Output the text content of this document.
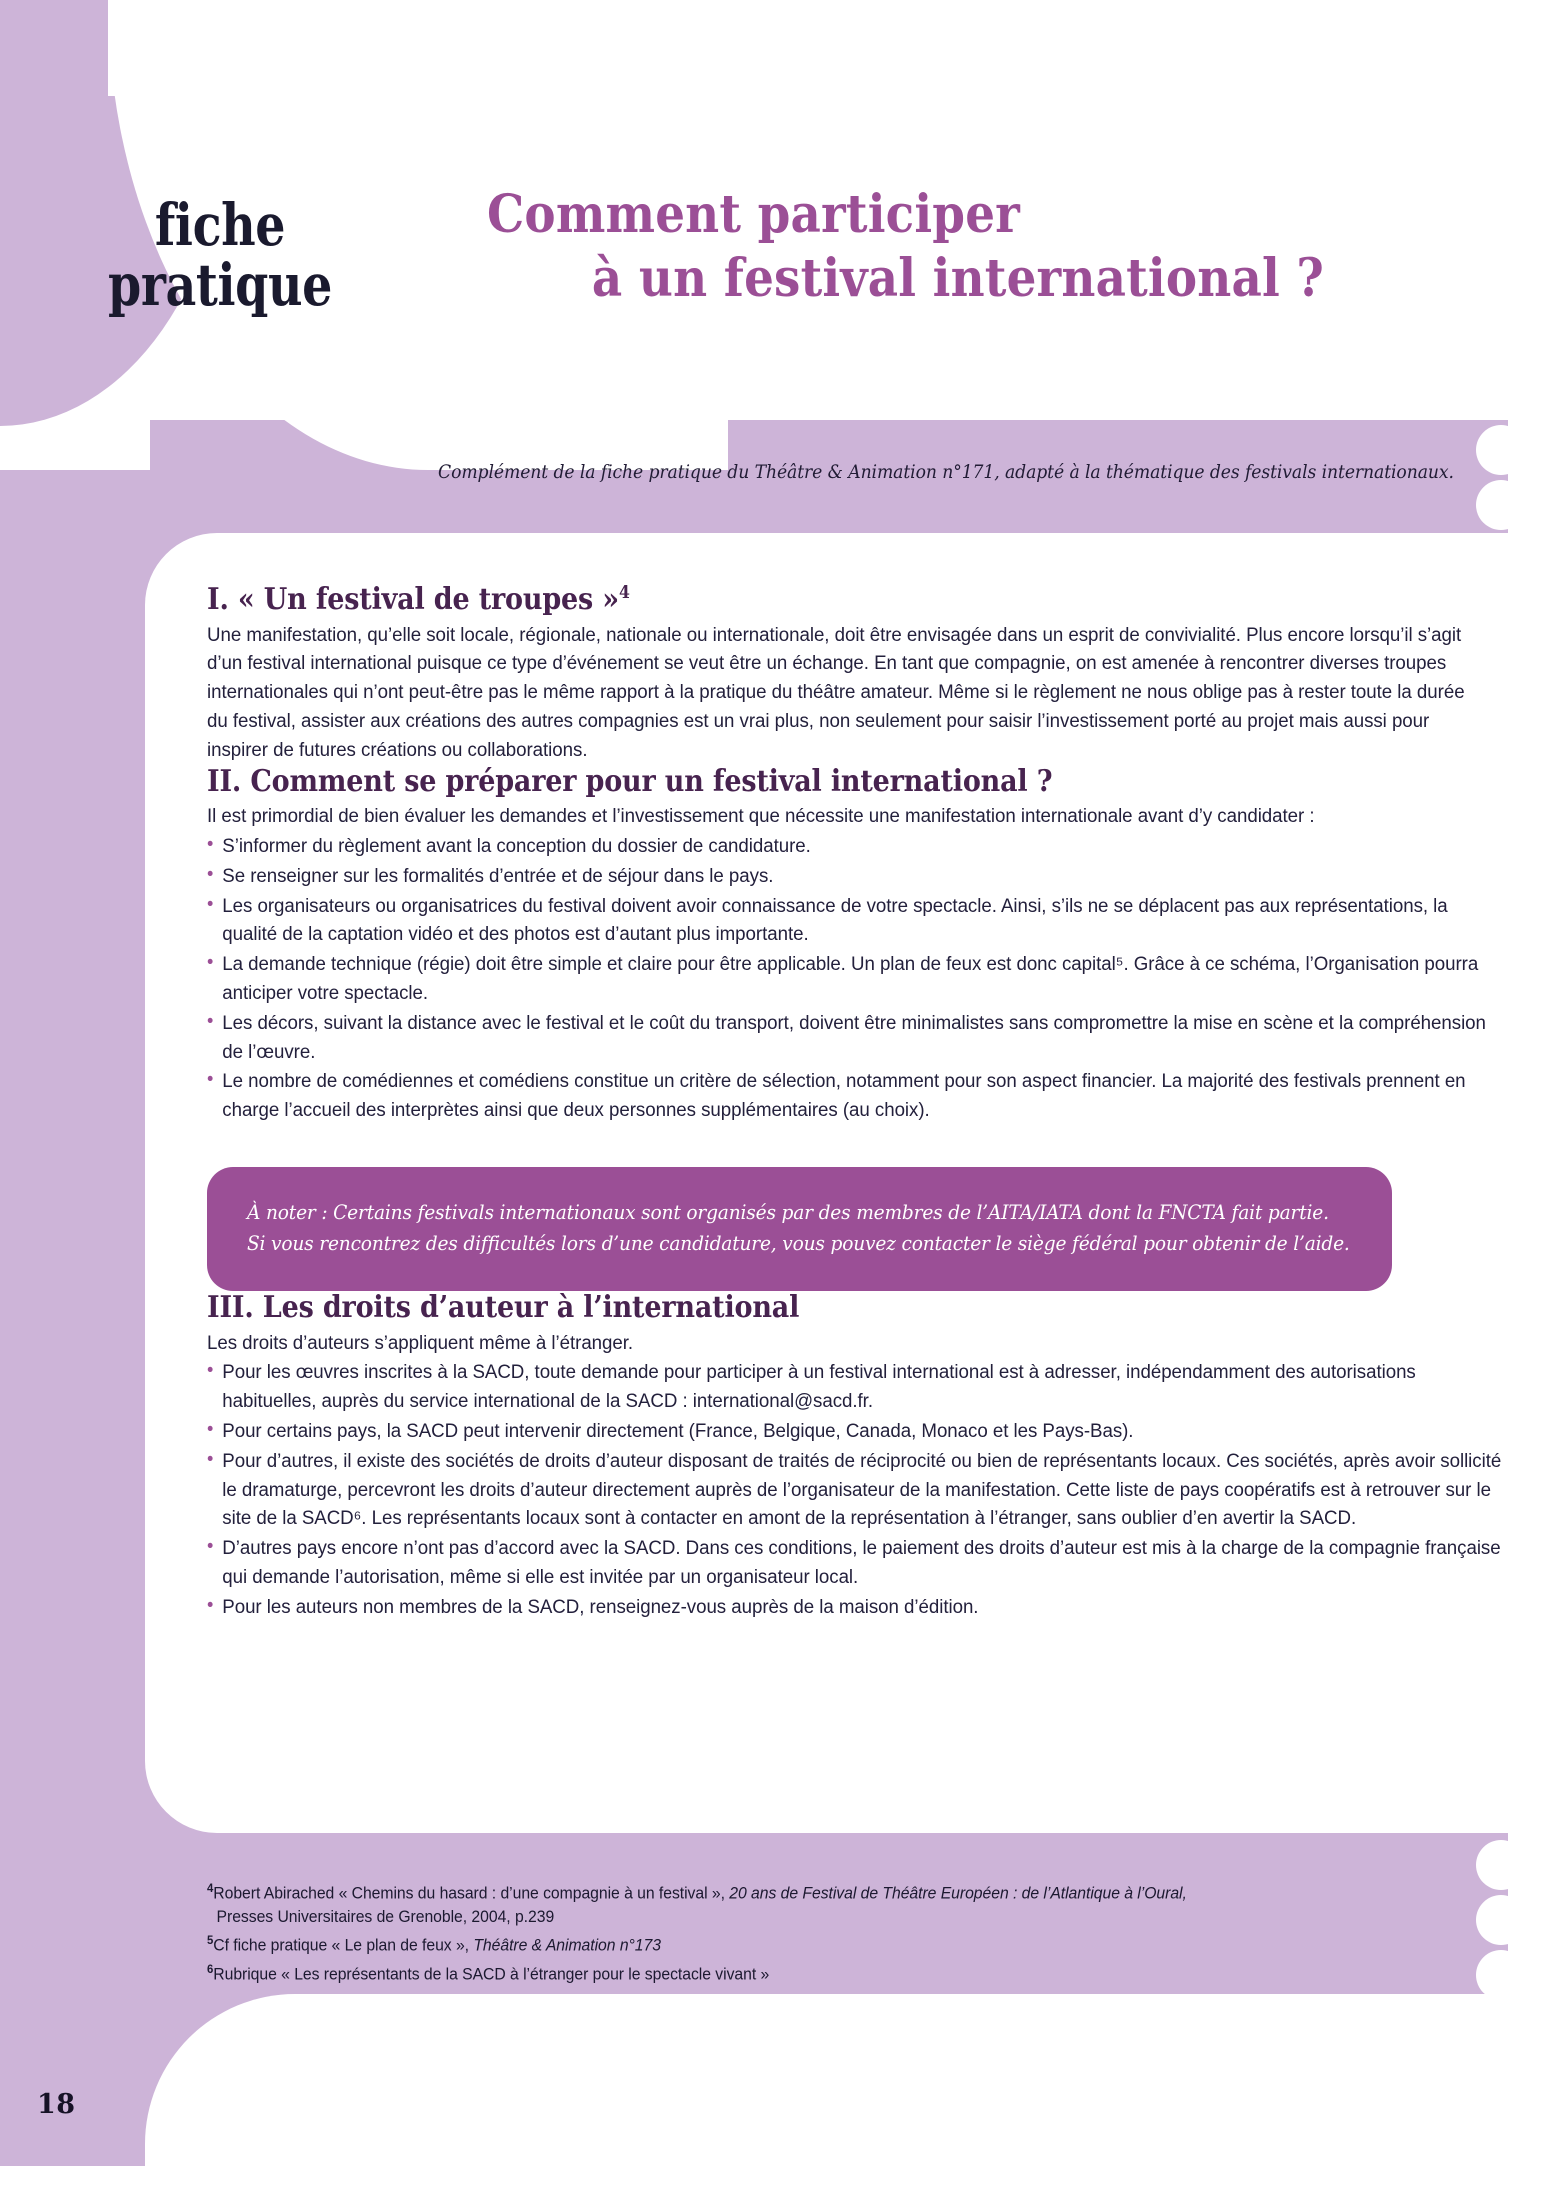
fiche
pratique
Comment participer
à un festival international ?
Complément de la fiche pratique du Théâtre & Animation n°171, adapté à la thématique des festivals internationaux.
I. « Un festival de troupes »$^4$

Une manifestation, qu’elle soit locale, régionale, nationale ou internationale, doit être envisagée dans un esprit de convivialité. Plus encore lorsqu’il s’agit d’un festival international puisque ce type d’événement se veut être un échange. En tant que compagnie, on est amenée à rencontrer diverses troupes internationales qui n’ont peut-être pas le même rapport à la pratique du théâtre amateur. Même si le règlement ne nous oblige pas à rester toute la durée du festival, assister aux créations des autres compagnies est un vrai plus, non seulement pour saisir l’investissement porté au projet mais aussi pour inspirer de futures créations ou collaborations.

II. Comment se préparer pour un festival international ?

Il est primordial de bien évaluer les demandes et l’investissement que nécessite une manifestation internationale avant d’y candidater :

• S’informer du règlement avant la conception du dossier de candidature.
• Se renseigner sur les formalités d’entrée et de séjour dans le pays.
• Les organisateurs ou organisatrices du festival doivent avoir connaissance de votre spectacle. Ainsi, s’ils ne se déplacent pas aux représentations, la qualité de la captation vidéo et des photos est d’autant plus importante.
• La demande technique (régie) doit être simple et claire pour être applicable. Un plan de feux est donc capital⁵. Grâce à ce schéma, l’Organisation pourra anticiper votre spectacle.
• Les décors, suivant la distance avec le festival et le coût du transport, doivent être minimalistes sans compromettre la mise en scène et la compréhension de l’œuvre.
• Le nombre de comédiennes et comédiens constitue un critère de sélection, notamment pour son aspect financier. La majorité des festivals prennent en charge l’accueil des interprètes ainsi que deux personnes supplémentaires (au choix).

À noter : Certains festivals internationaux sont organisés par des membres de l’AITA/IATA dont la FNCTA fait partie. Si vous rencontrez des difficultés lors d’une candidature, vous pouvez contacter le siège fédéral pour obtenir de l’aide.

III. Les droits d’auteur à l’international

Les droits d’auteurs s’appliquent même à l’étranger.

• Pour les œuvres inscrites à la SACD, toute demande pour participer à un festival international est à adresser, indépendamment des autorisations habituelles, auprès du service international de la SACD : international@sacd.fr.
• Pour certains pays, la SACD peut intervenir directement (France, Belgique, Canada, Monaco et les Pays-Bas).
• Pour d’autres, il existe des sociétés de droits d’auteur disposant de traités de réciprocité ou bien de représentants locaux. Ces sociétés, après avoir sollicité le dramaturge, percevront les droits d’auteur directement auprès de l’organisateur de la manifestation. Cette liste de pays coopératifs est à retrouver sur le site de la SACD⁶. Les représentants locaux sont à contacter en amont de la représentation à l’étranger, sans oublier d’en avertir la SACD.
• D’autres pays encore n’ont pas d’accord avec la SACD. Dans ces conditions, le paiement des droits d’auteur est mis à la charge de la compagnie française qui demande l’autorisation, même si elle est invitée par un organisateur local.
• Pour les auteurs non membres de la SACD, renseignez-vous auprès de la maison d’édition.

$^4$Robert Abirached « Chemins du hasard : d’une compagnie à un festival », 20 ans de Festival de Théâtre Européen : de l’Atlantique à l’Oural,
Presses Universitaires de Grenoble, 2004, p.239

$^5$Cf fiche pratique « Le plan de feux », Théâtre & Animation n°173

$^6$Rubrique « Les représentants de la SACD à l’étranger pour le spectacle vivant »

18
